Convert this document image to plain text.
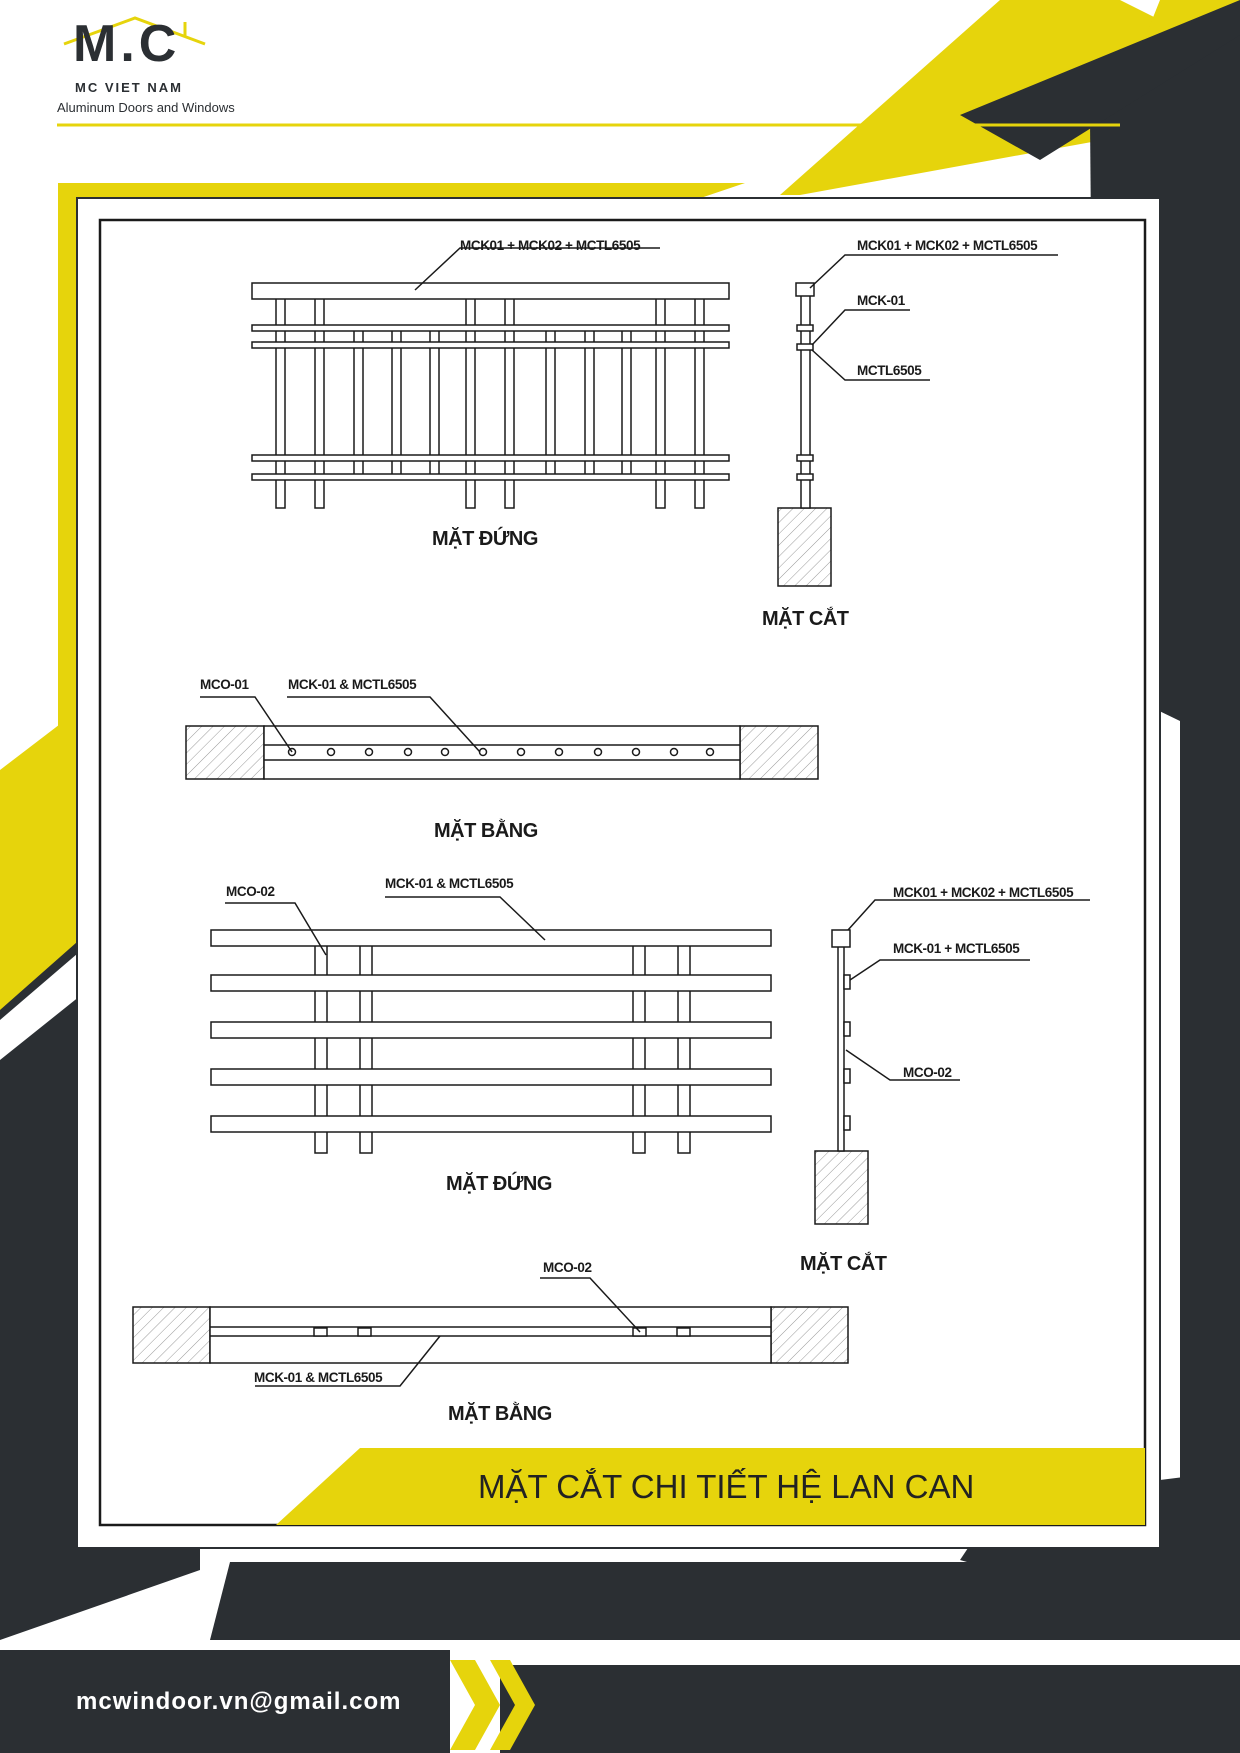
M.C
MC VIET NAM
Aluminum Doors and Windows
MCK01 + MCK02 + MCTL6505
MẶT ĐỨNG
MCK01 + MCK02 + MCTL6505
MCK-01
MCTL6505
MẶT CẮT
MCO-01	MCK-01 & MCTL6505
MẶT BẰNG
MCO-02
MCK-01 & MCTL6505
MẶT ĐỨNG
MCK01 + MCK02 + MCTL6505
MCK-01 + MCTL6505
MCO-02
MẶT CẮT
MCO-02
MCK-01 & MCTL6505
MẶT BẰNG
MẶT CẮT CHI TIẾT HỆ LAN CAN
mcwindoor.vn@gmail.com
